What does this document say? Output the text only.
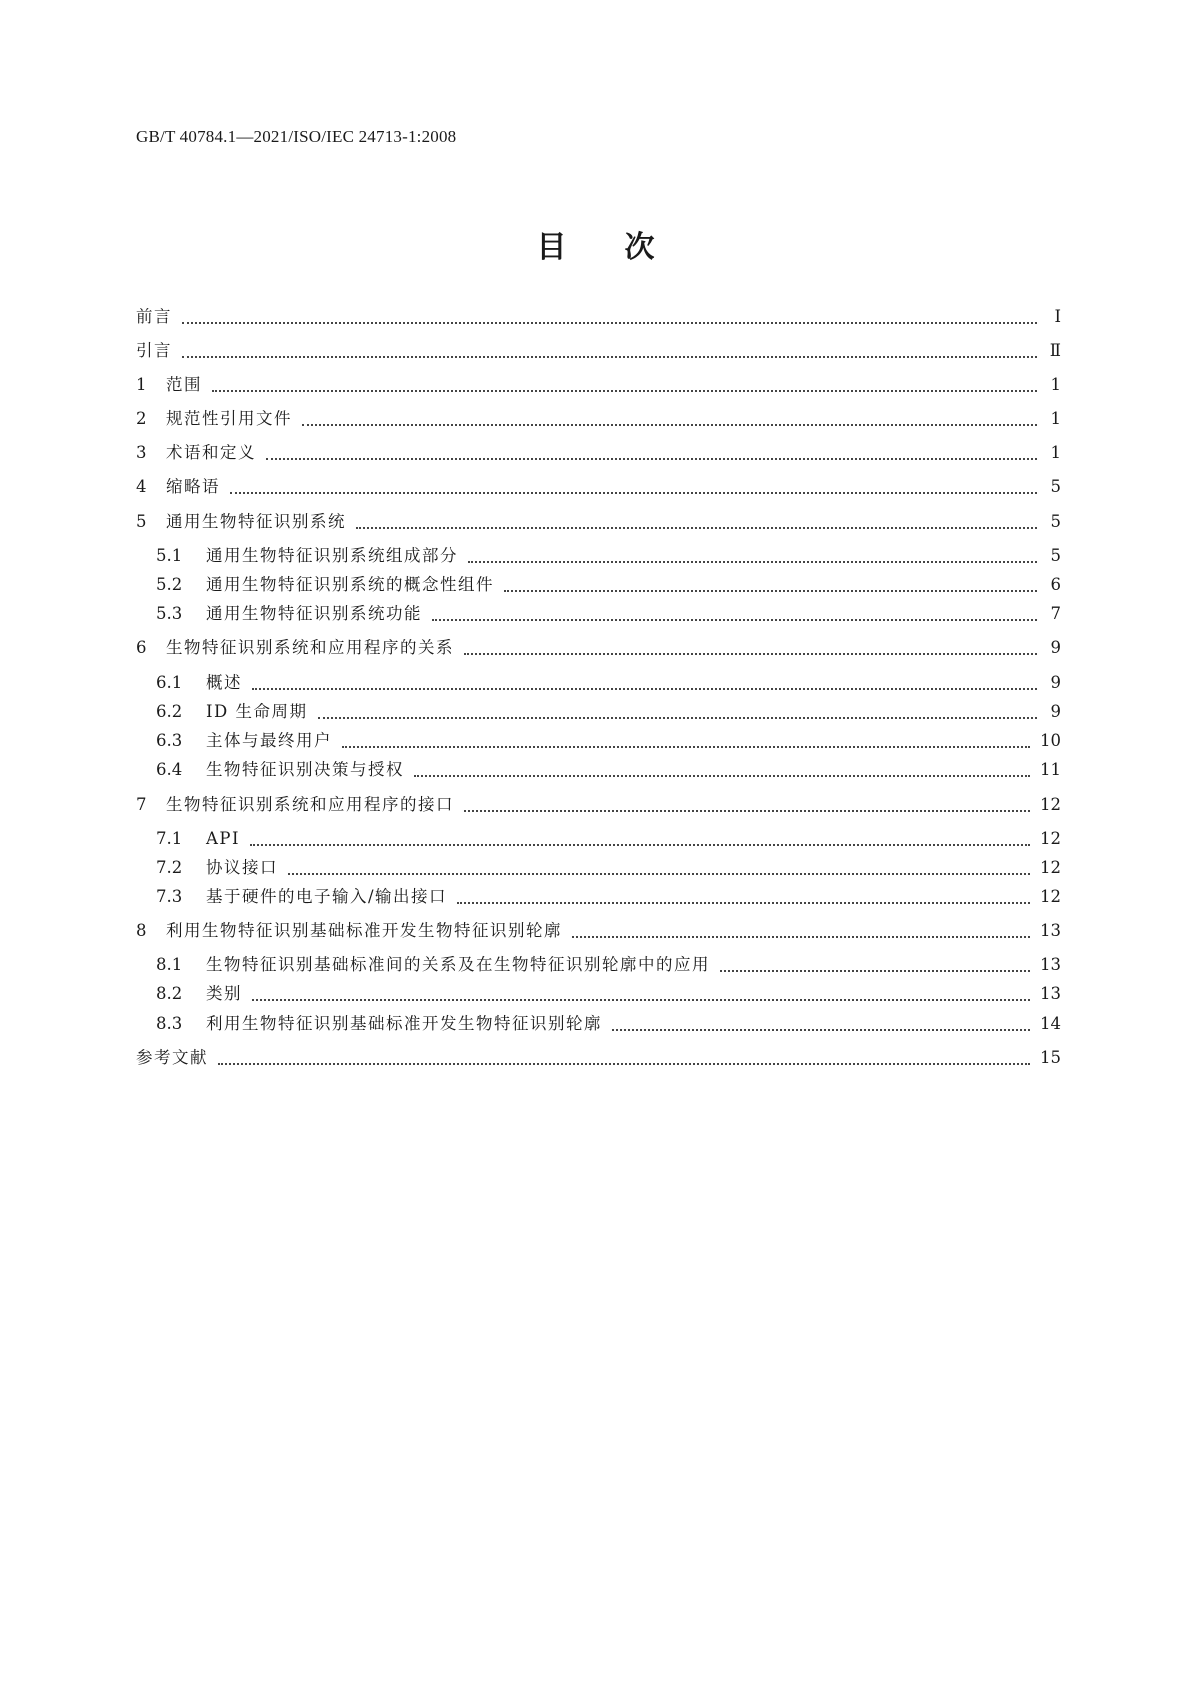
GB/T 40784.1—2021/ISO/IEC 24713-1:2008
目 次
前言	Ⅰ
引言	Ⅱ
1	范围	1
2	规范性引用文件	1
3	术语和定义	1
4	缩略语	5
5	通用生物特征识别系统	5
5.1	通用生物特征识别系统组成部分	5
5.2	通用生物特征识别系统的概念性组件	6
5.3	通用生物特征识别系统功能	7
6	生物特征识别系统和应用程序的关系	9
6.1	概述	9
6.2	ID 生命周期	9
6.3	主体与最终用户	10
6.4	生物特征识别决策与授权	11
7	生物特征识别系统和应用程序的接口	12
7.1	API	12
7.2	协议接口	12
7.3	基于硬件的电子输入/输出接口	12
8	利用生物特征识别基础标准开发生物特征识别轮廓	13
8.1	生物特征识别基础标准间的关系及在生物特征识别轮廓中的应用	13
8.2	类别	13
8.3	利用生物特征识别基础标准开发生物特征识别轮廓	14
参考文献	15
